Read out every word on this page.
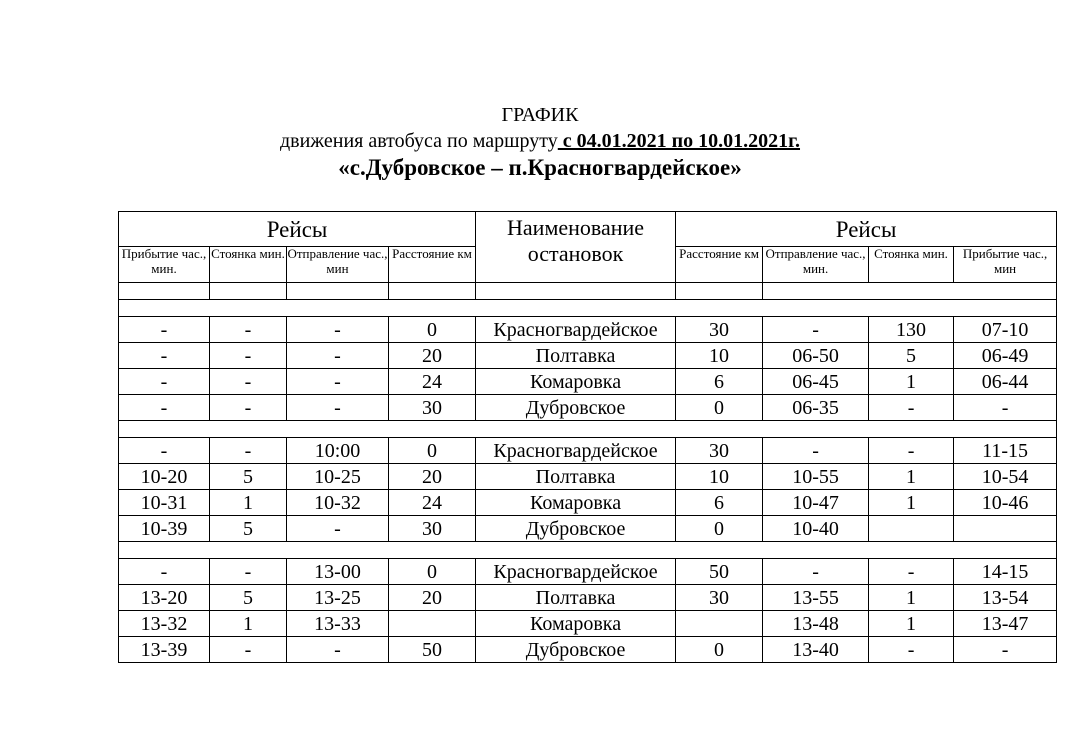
ГРАФИК
движения автобуса по маршруту с 04.01.2021 по 10.01.2021г.
«с.Дубровское – п.Красногвардейское»
Рейсы				Наименование остановок	Рейсы			
Прибытие час., мин.	Стоянка мин.	Отправление час., мин	Расстояние км		Расстояние км	Отправление час., мин.	Стоянка мин.	Прибытие час., мин

-	-	-	0	Красногвардейское	30	-	130	07-10
-	-	-	20	Полтавка	10	06-50	5	06-49
-	-	-	24	Комаровка	6	06-45	1	06-44
-	-	-	30	Дубровское	0	06-35	-	-

-	-	10:00	0	Красногвардейское	30	-	-	11-15
10-20	5	10-25	20	Полтавка	10	10-55	1	10-54
10-31	1	10-32	24	Комаровка	6	10-47	1	10-46
10-39	5	-	30	Дубровское	0	10-40		

-	-	13-00	0	Красногвардейское	50	-	-	14-15
13-20	5	13-25	20	Полтавка	30	13-55	1	13-54
13-32	1	13-33		Комаровка		13-48	1	13-47
13-39	-	-	50	Дубровское	0	13-40	-	-
